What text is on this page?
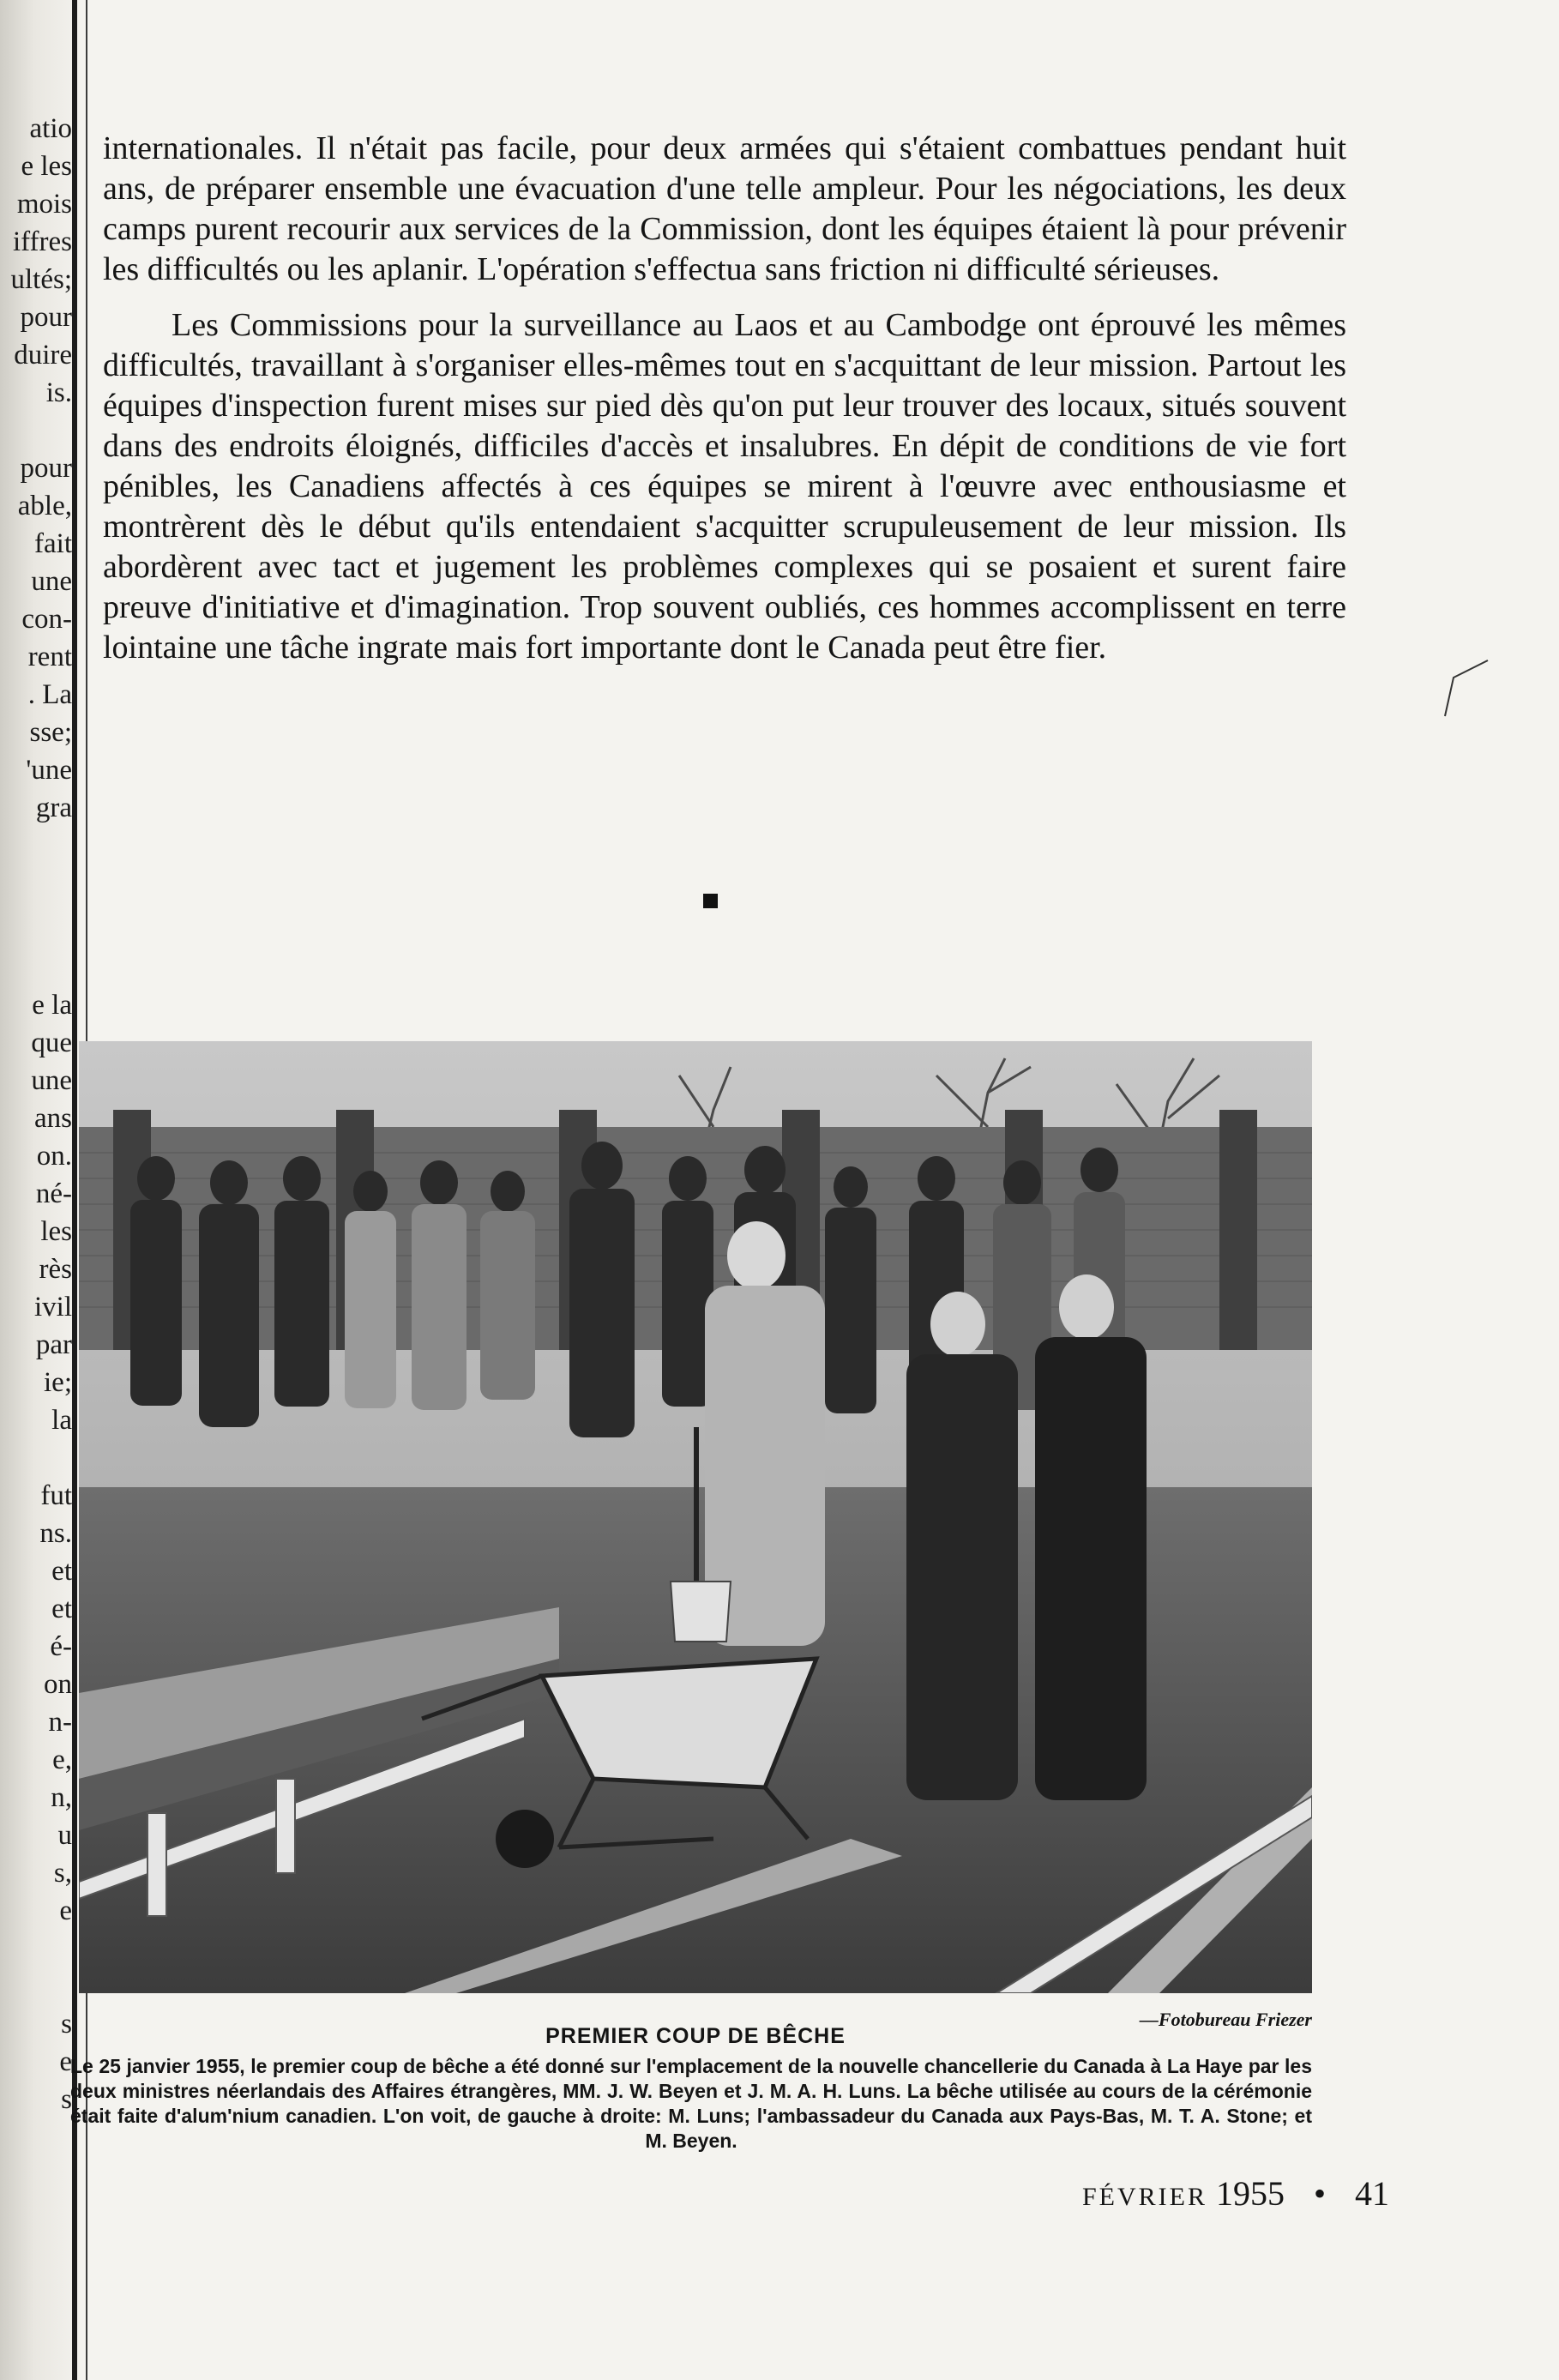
atio
e les
mois
iffres
ultés;
pour
duire
is.
pour
able,
fait
une
con-
rent
. La
sse;
'une
gra
e la
que
une
ans
on.
né-
les
rès
ivil
par
ie;
la
fut
ns.
et
et
é-
on
n-
e,
n,
u
s,
e
s
e
s

internationales. Il n'était pas facile, pour deux armées qui s'étaient combattues pendant huit ans, de préparer ensemble une évacuation d'une telle ampleur. Pour les négociations, les deux camps purent recourir aux services de la Commission, dont les équipes étaient là pour prévenir les difficultés ou les aplanir. L'opération s'effectua sans friction ni difficulté sérieuses.

Les Commissions pour la surveillance au Laos et au Cambodge ont éprouvé les mêmes difficultés, travaillant à s'organiser elles-mêmes tout en s'acquittant de leur mission. Partout les équipes d'inspection furent mises sur pied dès qu'on put leur trouver des locaux, situés souvent dans des endroits éloignés, difficiles d'accès et insalubres. En dépit de conditions de vie fort pénibles, les Canadiens affectés à ces équipes se mirent à l'œuvre avec enthousiasme et montrèrent dès le début qu'ils entendaient s'acquitter scrupuleusement de leur mission. Ils abordèrent avec tact et jugement les problèmes complexes qui se posaient et surent faire preuve d'initiative et d'imagination. Trop souvent oubliés, ces hommes accomplissent en terre lointaine une tâche ingrate mais fort importante dont le Canada peut être fier.

—Fotobureau Friezer
PREMIER COUP DE BÊCHE
Le 25 janvier 1955, le premier coup de bêche a été donné sur l'emplacement de la nouvelle chancellerie du Canada à La Haye par les deux ministres néerlandais des Affaires étrangères, MM. J. W. Beyen et J. M. A. H. Luns. La bêche utilisée au cours de la cérémonie était faite d'alum'nium canadien. L'on voit, de gauche à droite: M. Luns; l'ambassadeur du Canada aux Pays-Bas, M. T. A. Stone; et M. Beyen.
FÉVRIER 1955 • 41
